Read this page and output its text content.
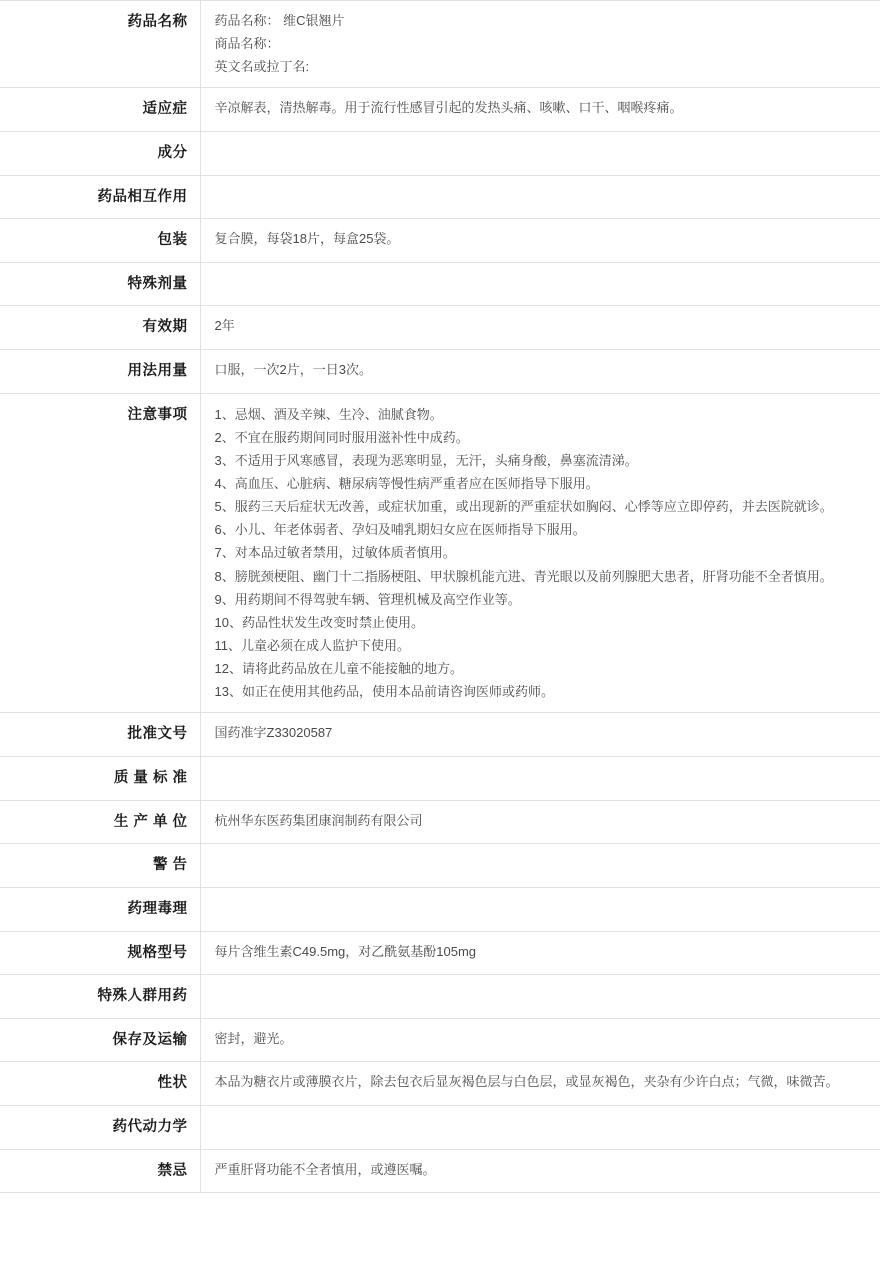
药品名称	药品名称： 维C银翘片
商品名称：
英文名或拉丁名:

适应症	辛凉解表，清热解毒。用于流行性感冒引起的发热头痛、咳嗽、口干、咽喉疼痛。

成分	

药品相互作用	

包装	复合膜，每袋18片，每盒25袋。

特殊剂量	

有效期	2年

用法用量	口服，一次2片，一日3次。

注意事项	1、忌烟、酒及辛辣、生冷、油腻食物。
2、不宜在服药期间同时服用滋补性中成药。
3、不适用于风寒感冒，表现为恶寒明显，无汗，头痛身酸，鼻塞流清涕。
4、高血压、心脏病、糖尿病等慢性病严重者应在医师指导下服用。
5、服药三天后症状无改善，或症状加重，或出现新的严重症状如胸闷、心悸等应立即停药，并去医院就诊。
6、小儿、年老体弱者、孕妇及哺乳期妇女应在医师指导下服用。
7、对本品过敏者禁用，过敏体质者慎用。
8、膀胱颈梗阻、幽门十二指肠梗阻、甲状腺机能亢进、青光眼以及前列腺肥大患者，肝肾功能不全者慎用。
9、用药期间不得驾驶车辆、管理机械及高空作业等。
10、药品性状发生改变时禁止使用。
11、儿童必须在成人监护下使用。
12、请将此药品放在儿童不能接触的地方。
13、如正在使用其他药品，使用本品前请咨询医师或药师。

批准文号	国药准字Z33020587

质 量 标 准	

生 产 单 位	杭州华东医药集团康润制药有限公司

警 告	

药理毒理	

规格型号	每片含维生素C49.5mg，对乙酰氨基酚105mg

特殊人群用药	

保存及运输	密封，避光。

性状	本品为糖衣片或薄膜衣片，除去包衣后显灰褐色层与白色层，或显灰褐色，夹杂有少许白点；气微，味微苦。

药代动力学	

禁忌	严重肝肾功能不全者慎用，或遵医嘱。
